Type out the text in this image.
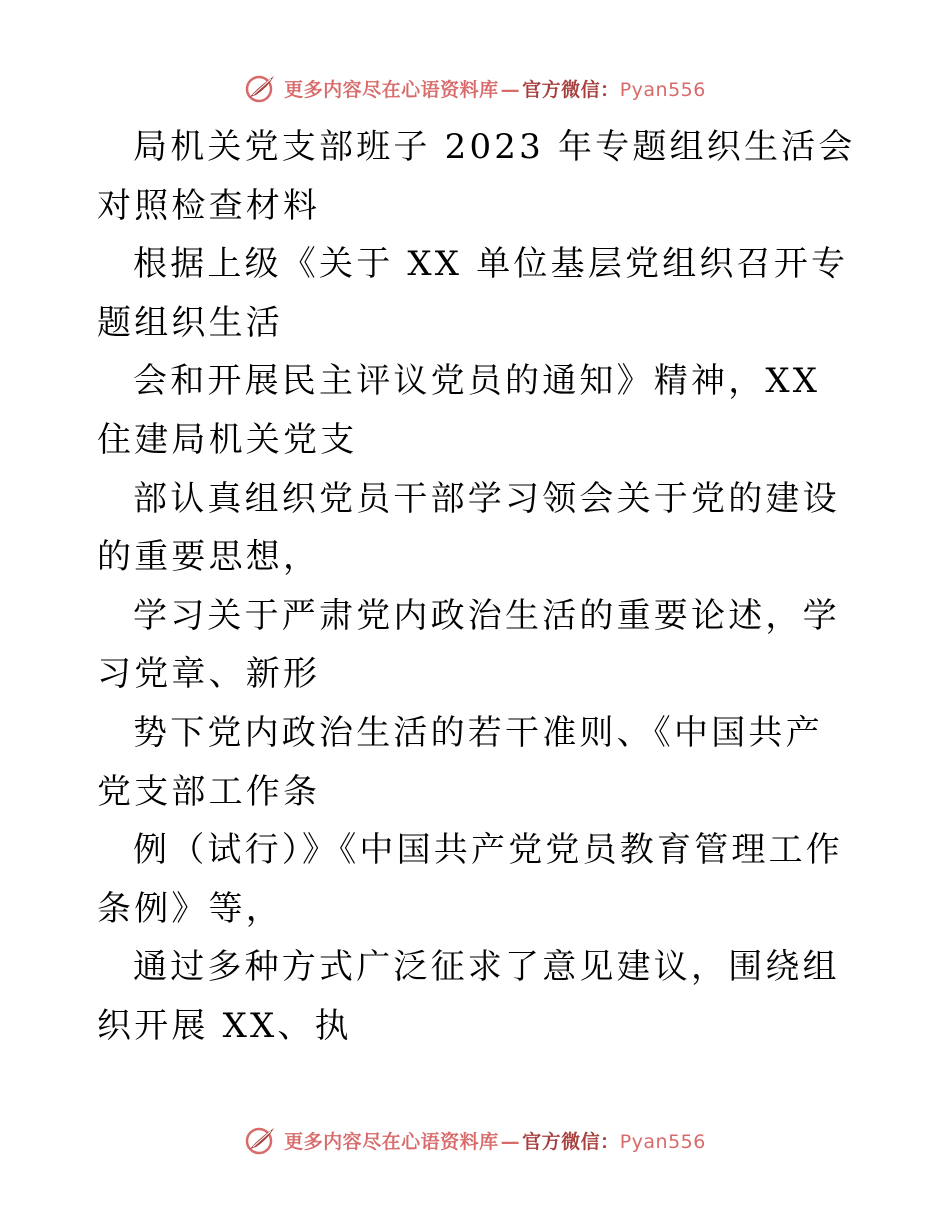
更多内容尽在心语资料库 — 官方微信：Pyan556

局机关党支部班子 2023 年专题组织生活会对照检查材料

根据上级《关于 XX 单位基层党组织召开专题组织生活

会和开展民主评议党员的通知》精神，XX 住建局机关党支

部认真组织党员干部学习领会关于党的建设的重要思想，

学习关于严肃党内政治生活的重要论述，学习党章、新形

势下党内政治生活的若干准则、《中国共产党支部工作条

例（试行）》《中国共产党党员教育管理工作条例》等，

通过多种方式广泛征求了意见建议，围绕组织开展 XX、执

更多内容尽在心语资料库 — 官方微信：Pyan556
